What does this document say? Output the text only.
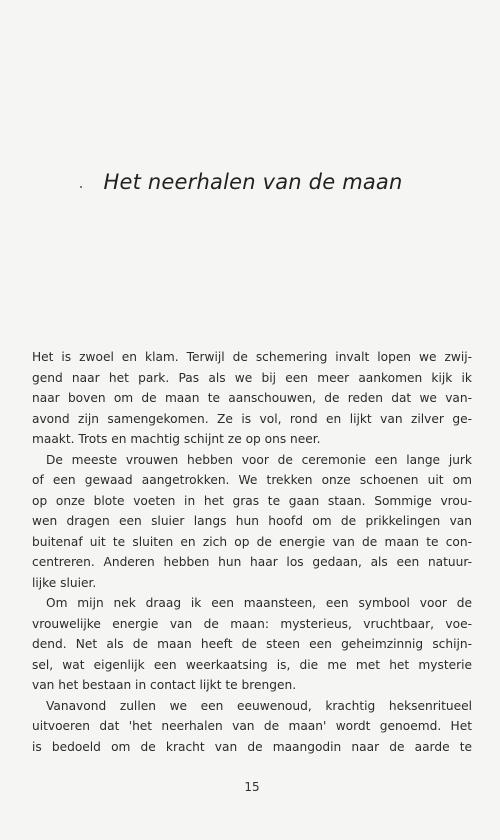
Het neerhalen van de maan
Het is zwoel en klam. Terwijl de schemering invalt lopen we zwij-
gend naar het park. Pas als we bij een meer aankomen kijk ik
naar boven om de maan te aanschouwen, de reden dat we van-
avond zijn samengekomen. Ze is vol, rond en lijkt van zilver ge-
maakt. Trots en machtig schijnt ze op ons neer.
De meeste vrouwen hebben voor de ceremonie een lange jurk
of een gewaad aangetrokken. We trekken onze schoenen uit om
op onze blote voeten in het gras te gaan staan. Sommige vrou-
wen dragen een sluier langs hun hoofd om de prikkelingen van
buitenaf uit te sluiten en zich op de energie van de maan te con-
centreren. Anderen hebben hun haar los gedaan, als een natuur-
lijke sluier.
Om mijn nek draag ik een maansteen, een symbool voor de
vrouwelijke energie van de maan: mysterieus, vruchtbaar, voe-
dend. Net als de maan heeft de steen een geheimzinnig schijn-
sel, wat eigenlijk een weerkaatsing is, die me met het mysterie
van het bestaan in contact lijkt te brengen.
Vanavond zullen we een eeuwenoud, krachtig heksenritueel
uitvoeren dat 'het neerhalen van de maan' wordt genoemd. Het
is bedoeld om de kracht van de maangodin naar de aarde te
15
